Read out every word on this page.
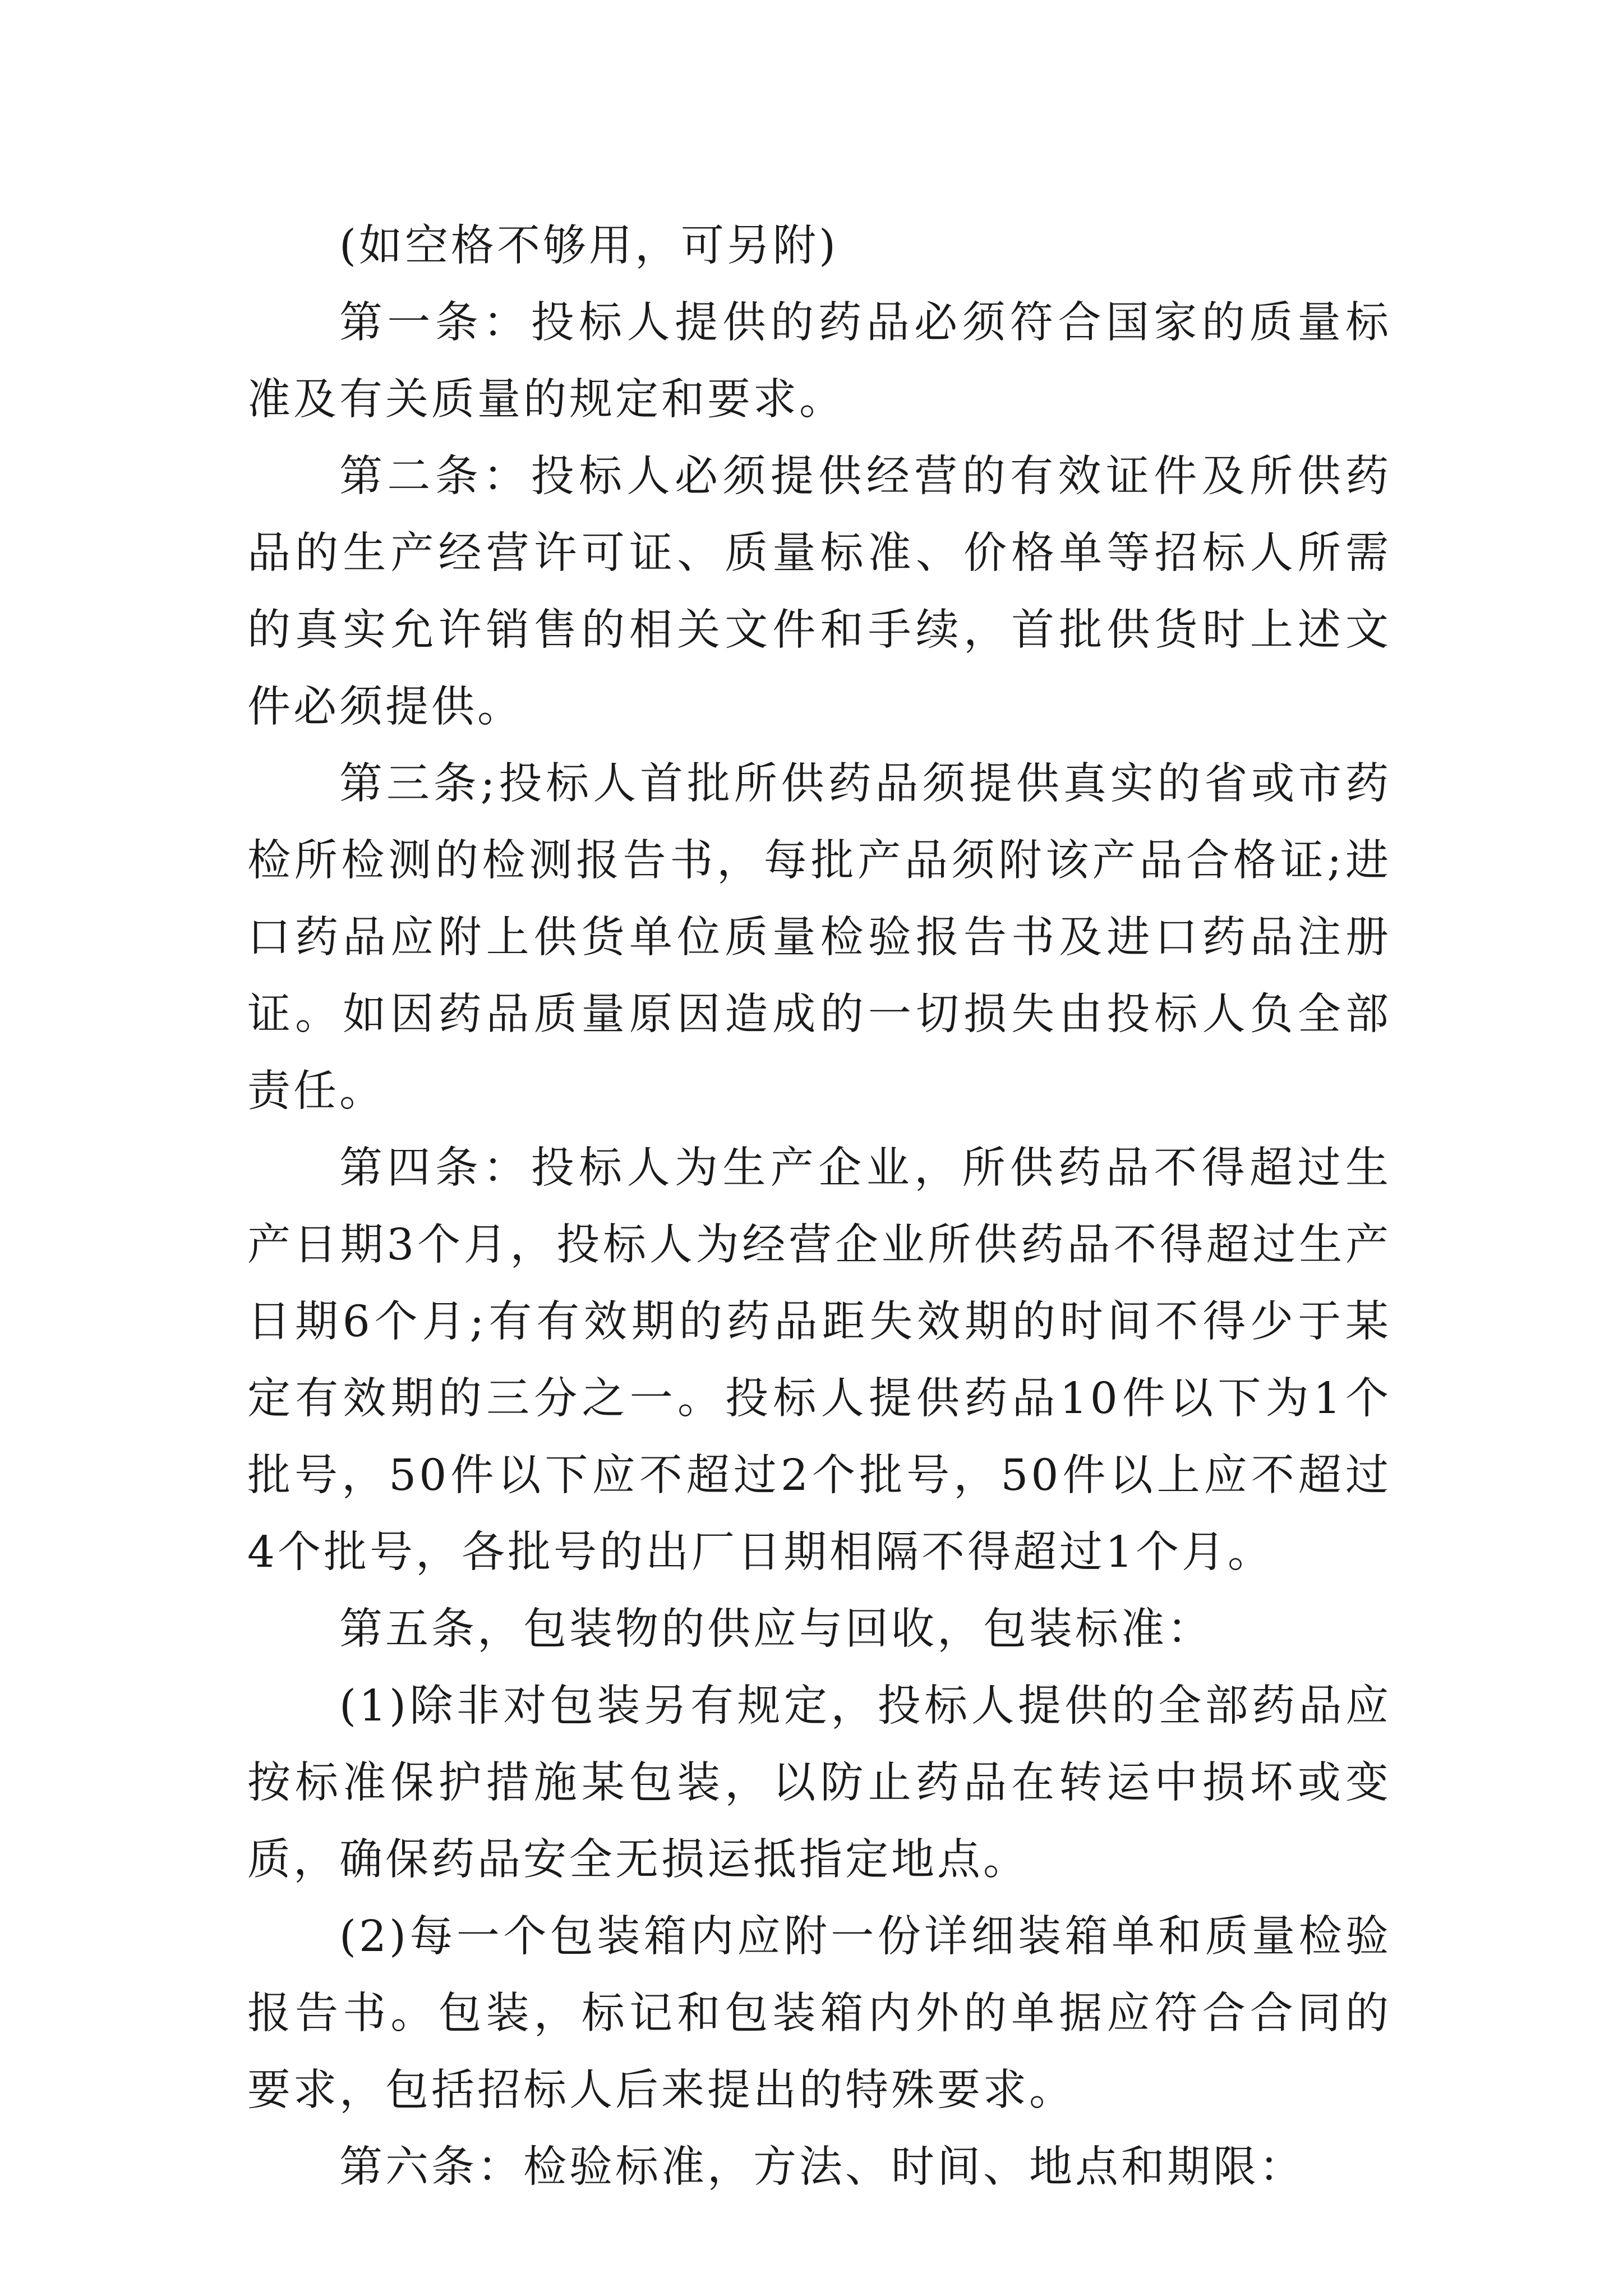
(如空格不够用，可另附)

第一条：投标人提供的药品必须符合国家的质量标准及有关质量的规定和要求。

第二条：投标人必须提供经营的有效证件及所供药品的生产经营许可证、质量标准、价格单等招标人所需的真实允许销售的相关文件和手续，首批供货时上述文件必须提供。

第三条;投标人首批所供药品须提供真实的省或市药检所检测的检测报告书，每批产品须附该产品合格证;进口药品应附上供货单位质量检验报告书及进口药品注册证。如因药品质量原因造成的一切损失由投标人负全部责任。

第四条：投标人为生产企业，所供药品不得超过生产日期3个月，投标人为经营企业所供药品不得超过生产日期6个月;有有效期的药品距失效期的时间不得少于某定有效期的三分之一。投标人提供药品10件以下为1个批号，50件以下应不超过2个批号，50件以上应不超过4个批号，各批号的出厂日期相隔不得超过1个月。

第五条，包装物的供应与回收，包装标准：

(1)除非对包装另有规定，投标人提供的全部药品应按标准保护措施某包装，以防止药品在转运中损坏或变质，确保药品安全无损运抵指定地点。

(2)每一个包装箱内应附一份详细装箱单和质量检验报告书。包装，标记和包装箱内外的单据应符合合同的要求，包括招标人后来提出的特殊要求。

第六条：检验标准，方法、时间、地点和期限：
